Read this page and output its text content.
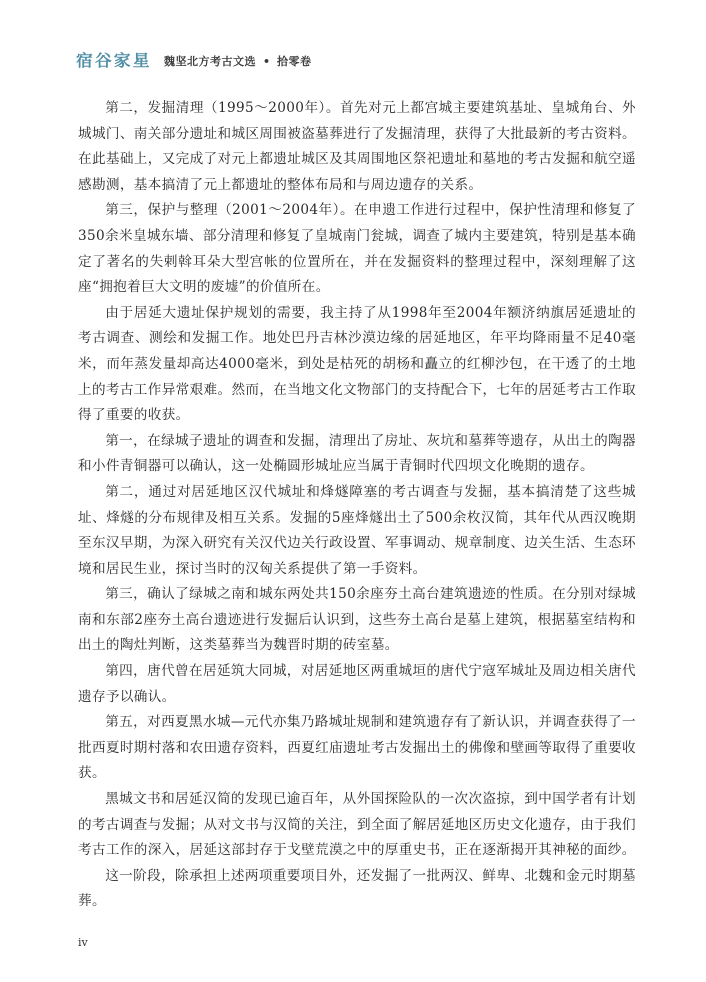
宿谷家星 魏坚北方考古文选 • 拾零卷

第二，发掘清理（1995～2000年）。首先对元上都宫城主要建筑基址、皇城角台、外城城门、南关部分遗址和城区周围被盗墓葬进行了发掘清理，获得了大批最新的考古资料。在此基础上，又完成了对元上都遗址城区及其周围地区祭祀遗址和墓地的考古发掘和航空遥感勘测，基本搞清了元上都遗址的整体布局和与周边遗存的关系。

第三，保护与整理（2001～2004年）。在申遗工作进行过程中，保护性清理和修复了350余米皇城东墙、部分清理和修复了皇城南门瓮城，调查了城内主要建筑，特别是基本确定了著名的失剌斡耳朵大型宫帐的位置所在，并在发掘资料的整理过程中，深刻理解了这座“拥抱着巨大文明的废墟”的价值所在。

由于居延大遗址保护规划的需要，我主持了从1998年至2004年额济纳旗居延遗址的考古调查、测绘和发掘工作。地处巴丹吉林沙漠边缘的居延地区，年平均降雨量不足40毫米，而年蒸发量却高达4000毫米，到处是枯死的胡杨和矗立的红柳沙包，在干透了的土地上的考古工作异常艰难。然而，在当地文化文物部门的支持配合下，七年的居延考古工作取得了重要的收获。

第一，在绿城子遗址的调查和发掘，清理出了房址、灰坑和墓葬等遗存，从出土的陶器和小件青铜器可以确认，这一处椭圆形城址应当属于青铜时代四坝文化晚期的遗存。

第二，通过对居延地区汉代城址和烽燧障塞的考古调查与发掘，基本搞清楚了这些城址、烽燧的分布规律及相互关系。发掘的5座烽燧出土了500余枚汉简，其年代从西汉晚期至东汉早期，为深入研究有关汉代边关行政设置、军事调动、规章制度、边关生活、生态环境和居民生业，探讨当时的汉匈关系提供了第一手资料。

第三，确认了绿城之南和城东两处共150余座夯土高台建筑遗迹的性质。在分别对绿城南和东部2座夯土高台遗迹进行发掘后认识到，这些夯土高台是墓上建筑，根据墓室结构和出土的陶灶判断，这类墓葬当为魏晋时期的砖室墓。

第四，唐代曾在居延筑大同城，对居延地区两重城垣的唐代宁寇军城址及周边相关唐代遗存予以确认。

第五，对西夏黑水城—元代亦集乃路城址规制和建筑遗存有了新认识，并调查获得了一批西夏时期村落和农田遗存资料，西夏红庙遗址考古发掘出土的佛像和壁画等取得了重要收获。

黑城文书和居延汉简的发现已逾百年，从外国探险队的一次次盗掠，到中国学者有计划的考古调查与发掘；从对文书与汉简的关注，到全面了解居延地区历史文化遗存，由于我们考古工作的深入，居延这部封存于戈壁荒漠之中的厚重史书，正在逐渐揭开其神秘的面纱。

这一阶段，除承担上述两项重要项目外，还发掘了一批两汉、鲜卑、北魏和金元时期墓葬。

iv
